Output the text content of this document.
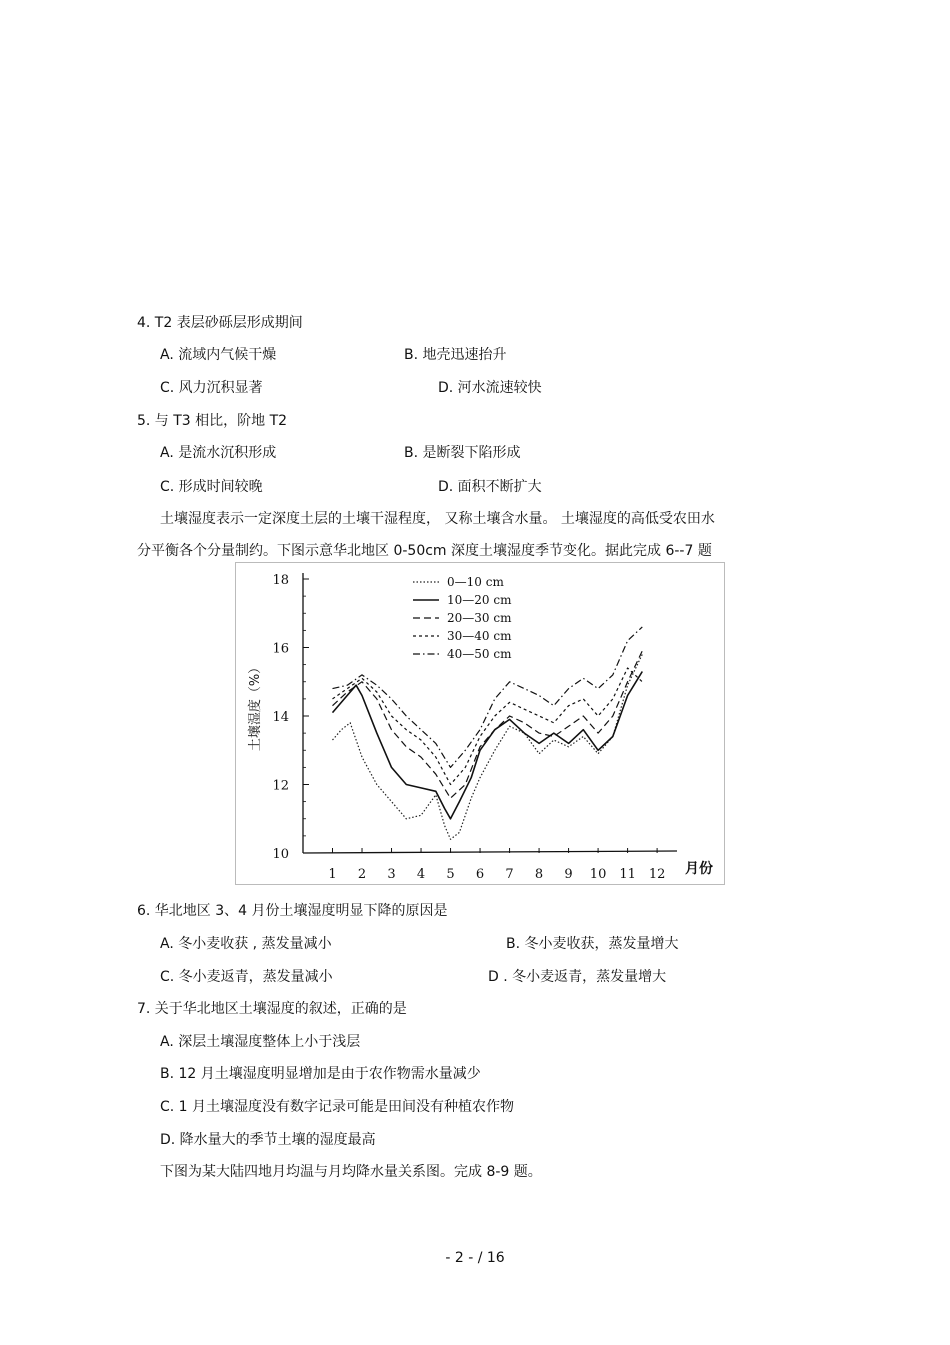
4. T2 表层砂砾层形成期间
A. 流域内气候干燥	B. 地壳迅速抬升
C. 风力沉积显著	D. 河水流速较快
5. 与 T3 相比，阶地 T2
A. 是流水沉积形成	B. 是断裂下陷形成
C. 形成时间较晚	D. 面积不断扩大
土壤湿度表示一定深度土层的土壤干湿程度， 又称土壤含水量。 土壤湿度的高低受农田水
分平衡各个分量制约。下图示意华北地区 0-50cm 深度土壤湿度季节变化。据此完成 6--7 题
10
12
14
16
18
1 2 3 4 5 6 7 8 9 10 11 12
土壤湿度（%）
月份
0—10 cm
10—20 cm
20—30 cm
30—40 cm
40—50 cm
6. 华北地区 3、4 月份土壤湿度明显下降的原因是
A. 冬小麦收获 , 蒸发量减小	B. 冬小麦收获，蒸发量增大
C. 冬小麦返青，蒸发量减小	D . 冬小麦返青，蒸发量增大
7. 关于华北地区土壤湿度的叙述，正确的是
A. 深层土壤湿度整体上小于浅层
B. 12 月土壤湿度明显增加是由于农作物需水量减少
C. 1 月土壤湿度没有数字记录可能是田间没有种植农作物
D. 降水量大的季节土壤的湿度最高
下图为某大陆四地月均温与月均降水量关系图。完成 8-9 题。
- 2 - / 16
